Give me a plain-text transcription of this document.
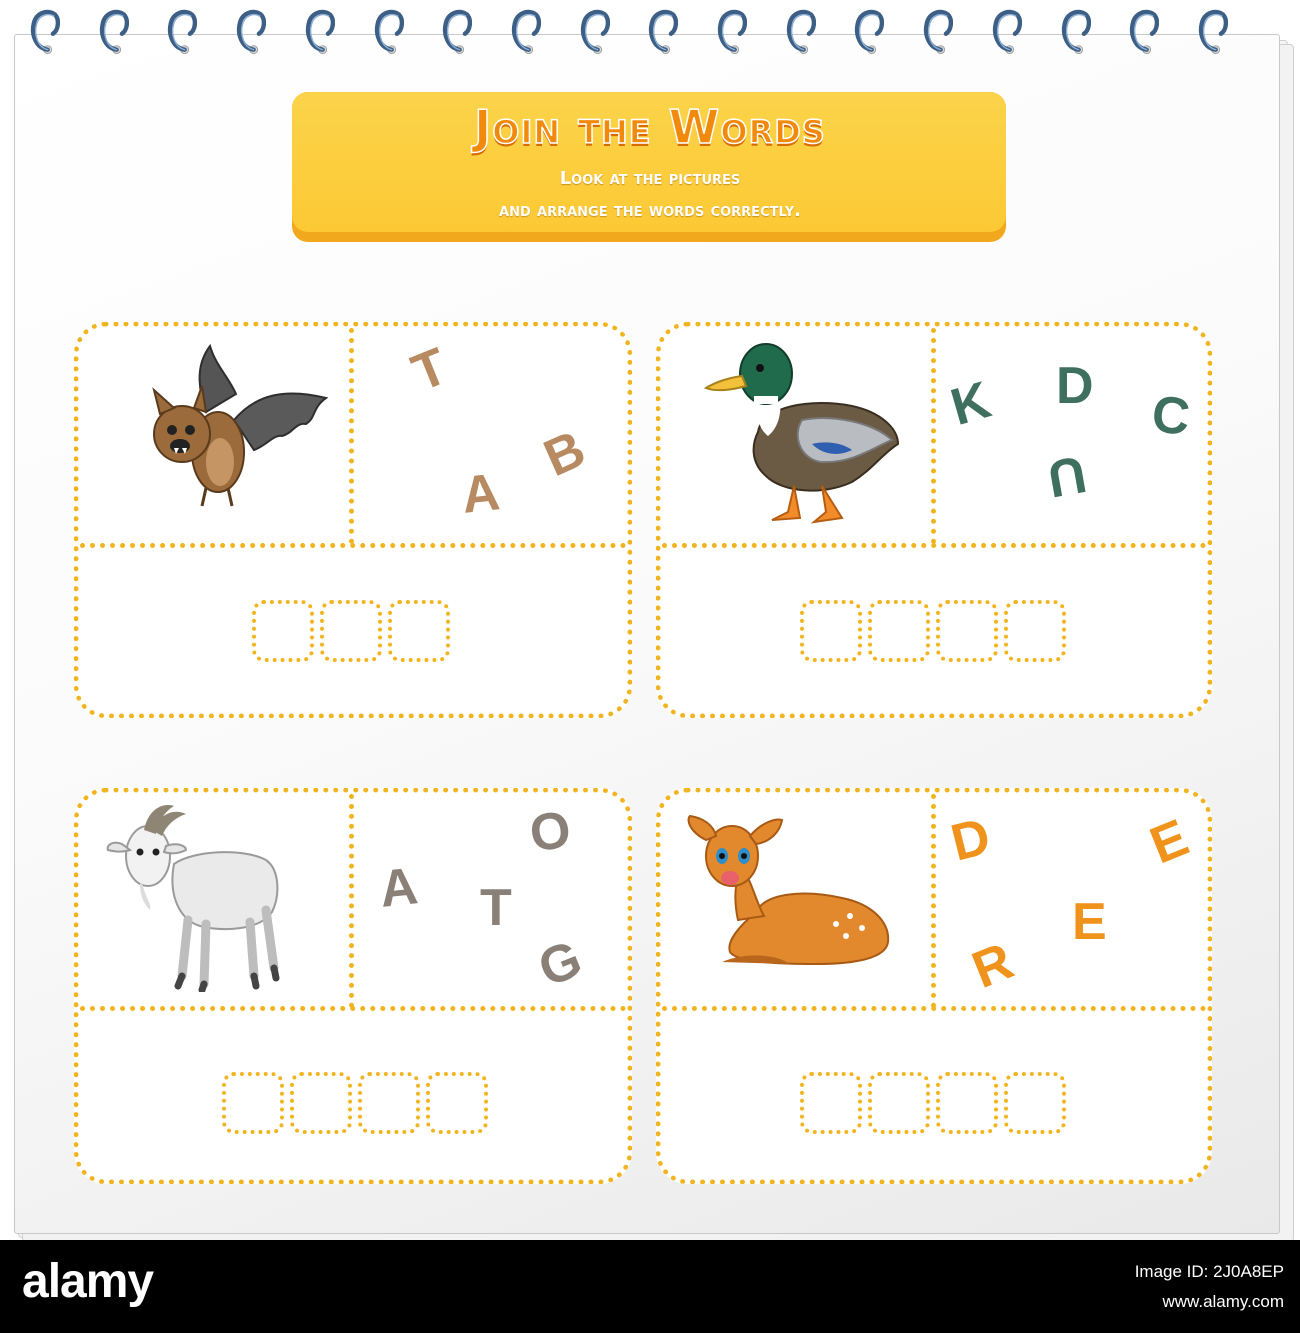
Join the Words

Look at the pictures

and arrange the words correctly.

T
A
B
K D C
U
O
A T
G
D	E
E
R
alamy	Image ID: 2J0A8EP
www.alamy.com
